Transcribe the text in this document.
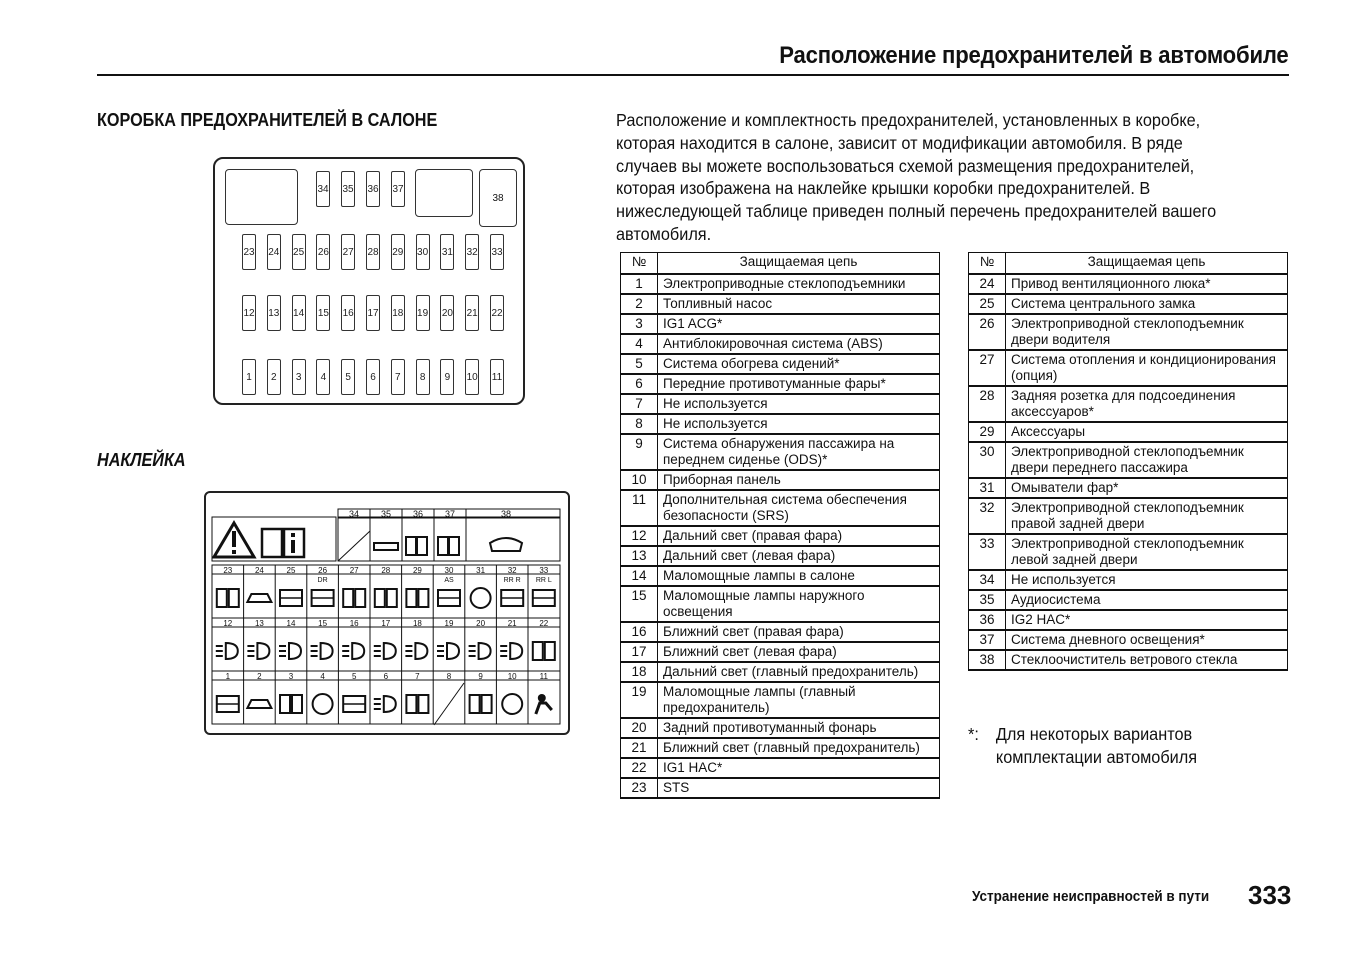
Расположение предохранителей в автомобиле
КОРОБКА ПРЕДОХРАНИТЕЛЕЙ В САЛОНЕ
НАКЛЕЙКА
Расположение и комплектность предохранителей, установленных в коробке, которая находится в салоне, зависит от модификации автомобиля. В ряде случаев вы можете воспользоваться схемой размещения предохранителей, которая изображена на наклейке крышки коробки предохранителей. В нижеследующей таблице приведен полный перечень предохранителей вашего автомобиля.
38
34 35 36 37
23 24 25 26 27 28 29 30 31 32 33
12 13 14 15 16 17 18 19 20 21 22
1	2	3	4	5	6	7	8	9	10 11
34 35 36 37	38
23	24	25	26	27	28	29	30	31	32	33
12	13	14	15	16	17	18	19	20	21	22
1	2	3	4	5	6	7	8	9	10	11
DR	AS	RR R RR L
№	Защищаемая цепь
1	Электроприводные стеклоподъемники
2	Топливный насос
3	IG1 ACG*
4	Антиблокировочная система (ABS)
5	Система обогрева сидений*
6	Передние противотуманные фары*
7	Не используется
8	Не используется
9	Система обнаружения пассажира на переднем сиденье (ODS)*
10	Приборная панель
11	Дополнительная система обеспечения безопасности (SRS)
12	Дальний свет (правая фара)
13	Дальний свет (левая фара)
14	Маломощные лампы в салоне
15	Маломощные лампы наружного освещения
16	Ближний свет (правая фара)
17	Ближний свет (левая фара)
18	Дальний свет (главный предохранитель)
19	Маломощные лампы (главный предохранитель)
20	Задний противотуманный фонарь
21	Ближний свет (главный предохранитель)
22	IG1 HAC*
23	STS
№	Защищаемая цепь
24	Привод вентиляционного люка*
25	Система центрального замка
26	Электроприводной стеклоподъемник двери водителя
27	Система отопления и кондиционирования (опция)
28	Задняя розетка для подсоединения аксессуаров*
29	Аксессуары
30	Электроприводной стеклоподъемник двери переднего пассажира
31	Омыватели фар*
32	Электроприводной стеклоподъемник правой задней двери
33	Электроприводной стеклоподъемник левой задней двери
34	Не используется
35	Аудиосистема
36	IG2 HAC*
37	Система дневного освещения*
38	Стеклоочиститель ветрового стекла
*: Для некоторых вариантов
комплектации автомобиля
Устранение неисправностей в пути 333
